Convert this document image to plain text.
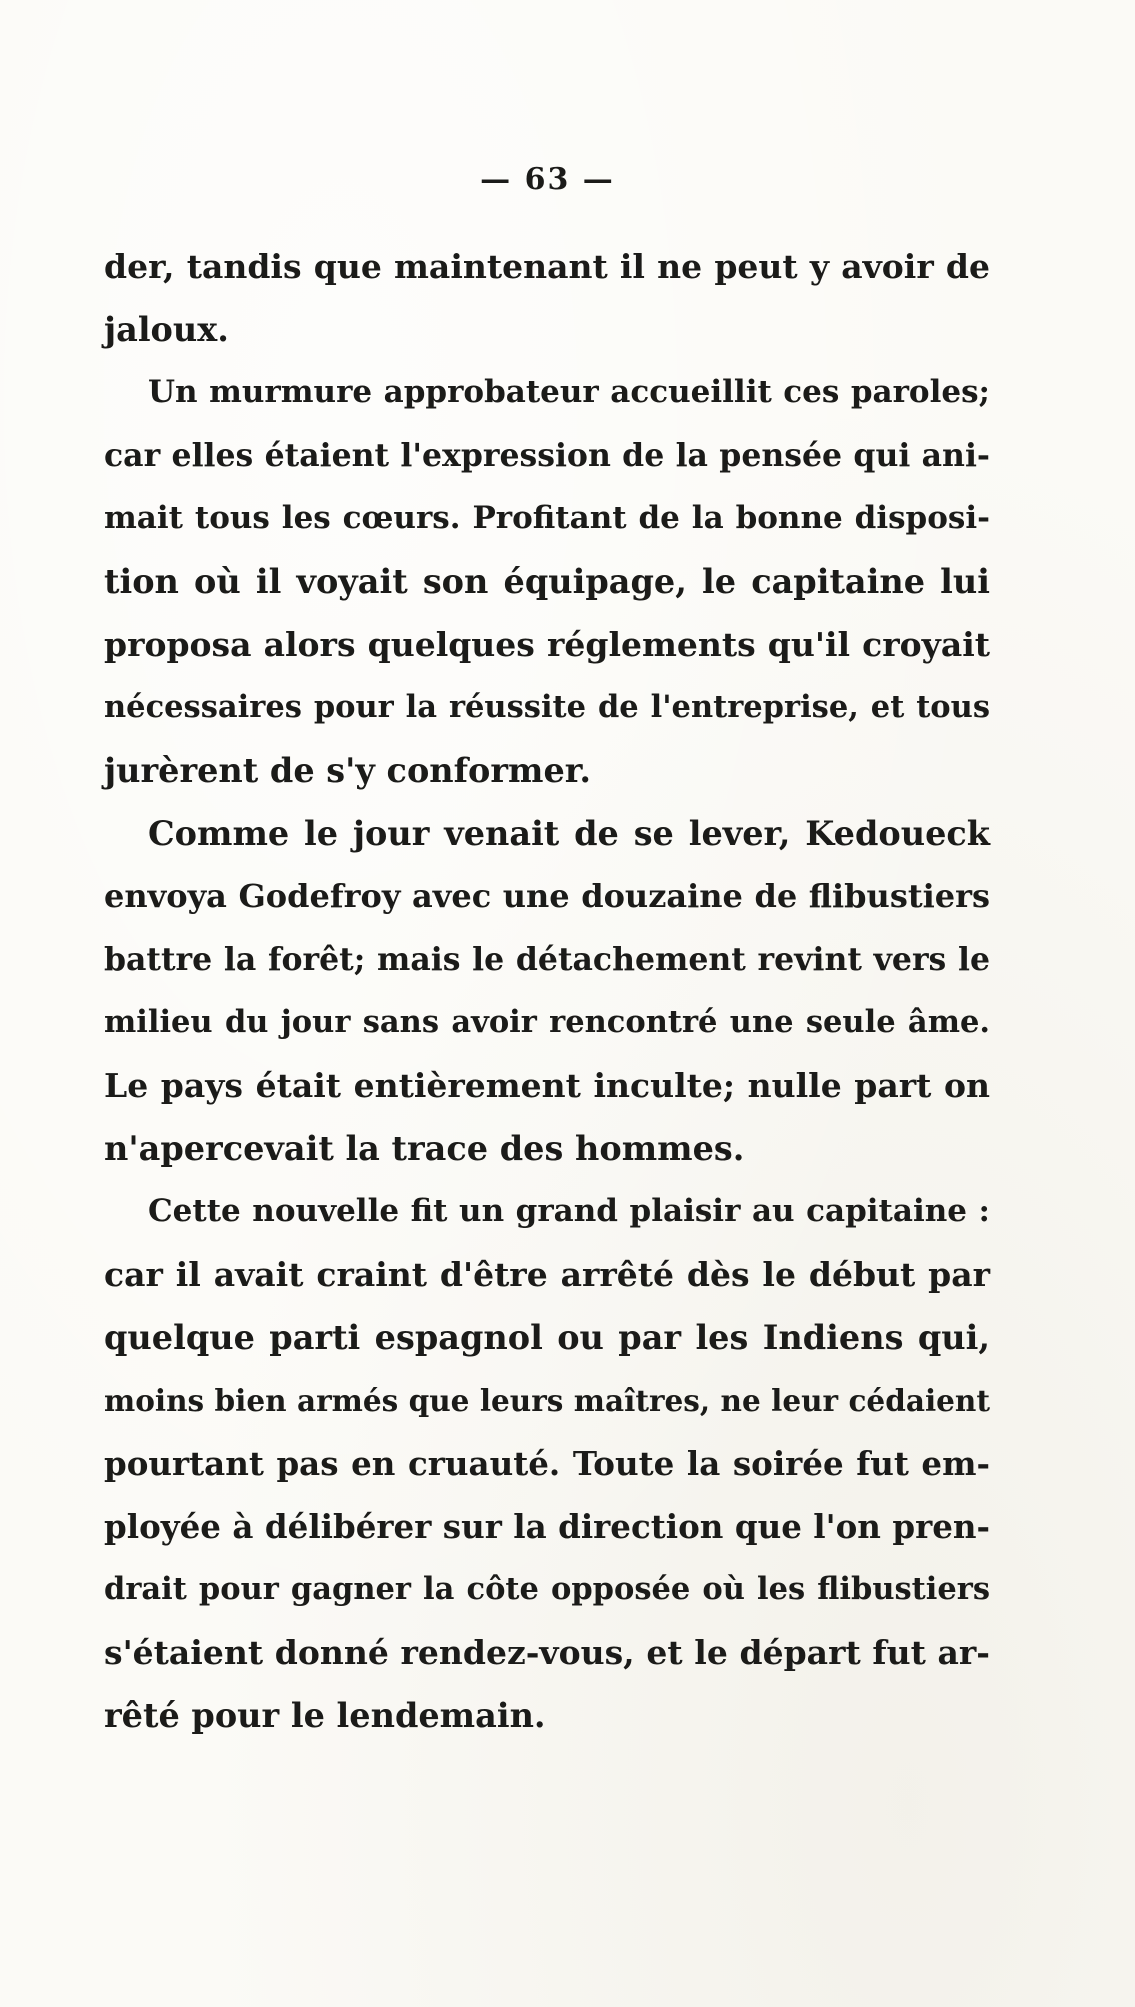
— 63 —
der, tandis que maintenant il ne peut y avoir de
jaloux.
Un murmure approbateur accueillit ces paroles;
car elles étaient l'expression de la pensée qui ani-
mait tous les cœurs. Profitant de la bonne disposi-
tion où il voyait son équipage, le capitaine lui
proposa alors quelques réglements qu'il croyait
nécessaires pour la réussite de l'entreprise, et tous
jurèrent de s'y conformer.
Comme le jour venait de se lever, Kedoueck
envoya Godefroy avec une douzaine de flibustiers
battre la forêt; mais le détachement revint vers le
milieu du jour sans avoir rencontré une seule âme.
Le pays était entièrement inculte; nulle part on
n'apercevait la trace des hommes.
Cette nouvelle fit un grand plaisir au capitaine :
car il avait craint d'être arrêté dès le début par
quelque parti espagnol ou par les Indiens qui,
moins bien armés que leurs maîtres, ne leur cédaient
pourtant pas en cruauté. Toute la soirée fut em-
ployée à délibérer sur la direction que l'on pren-
drait pour gagner la côte opposée où les flibustiers
s'étaient donné rendez-vous, et le départ fut ar-
rêté pour le lendemain.
